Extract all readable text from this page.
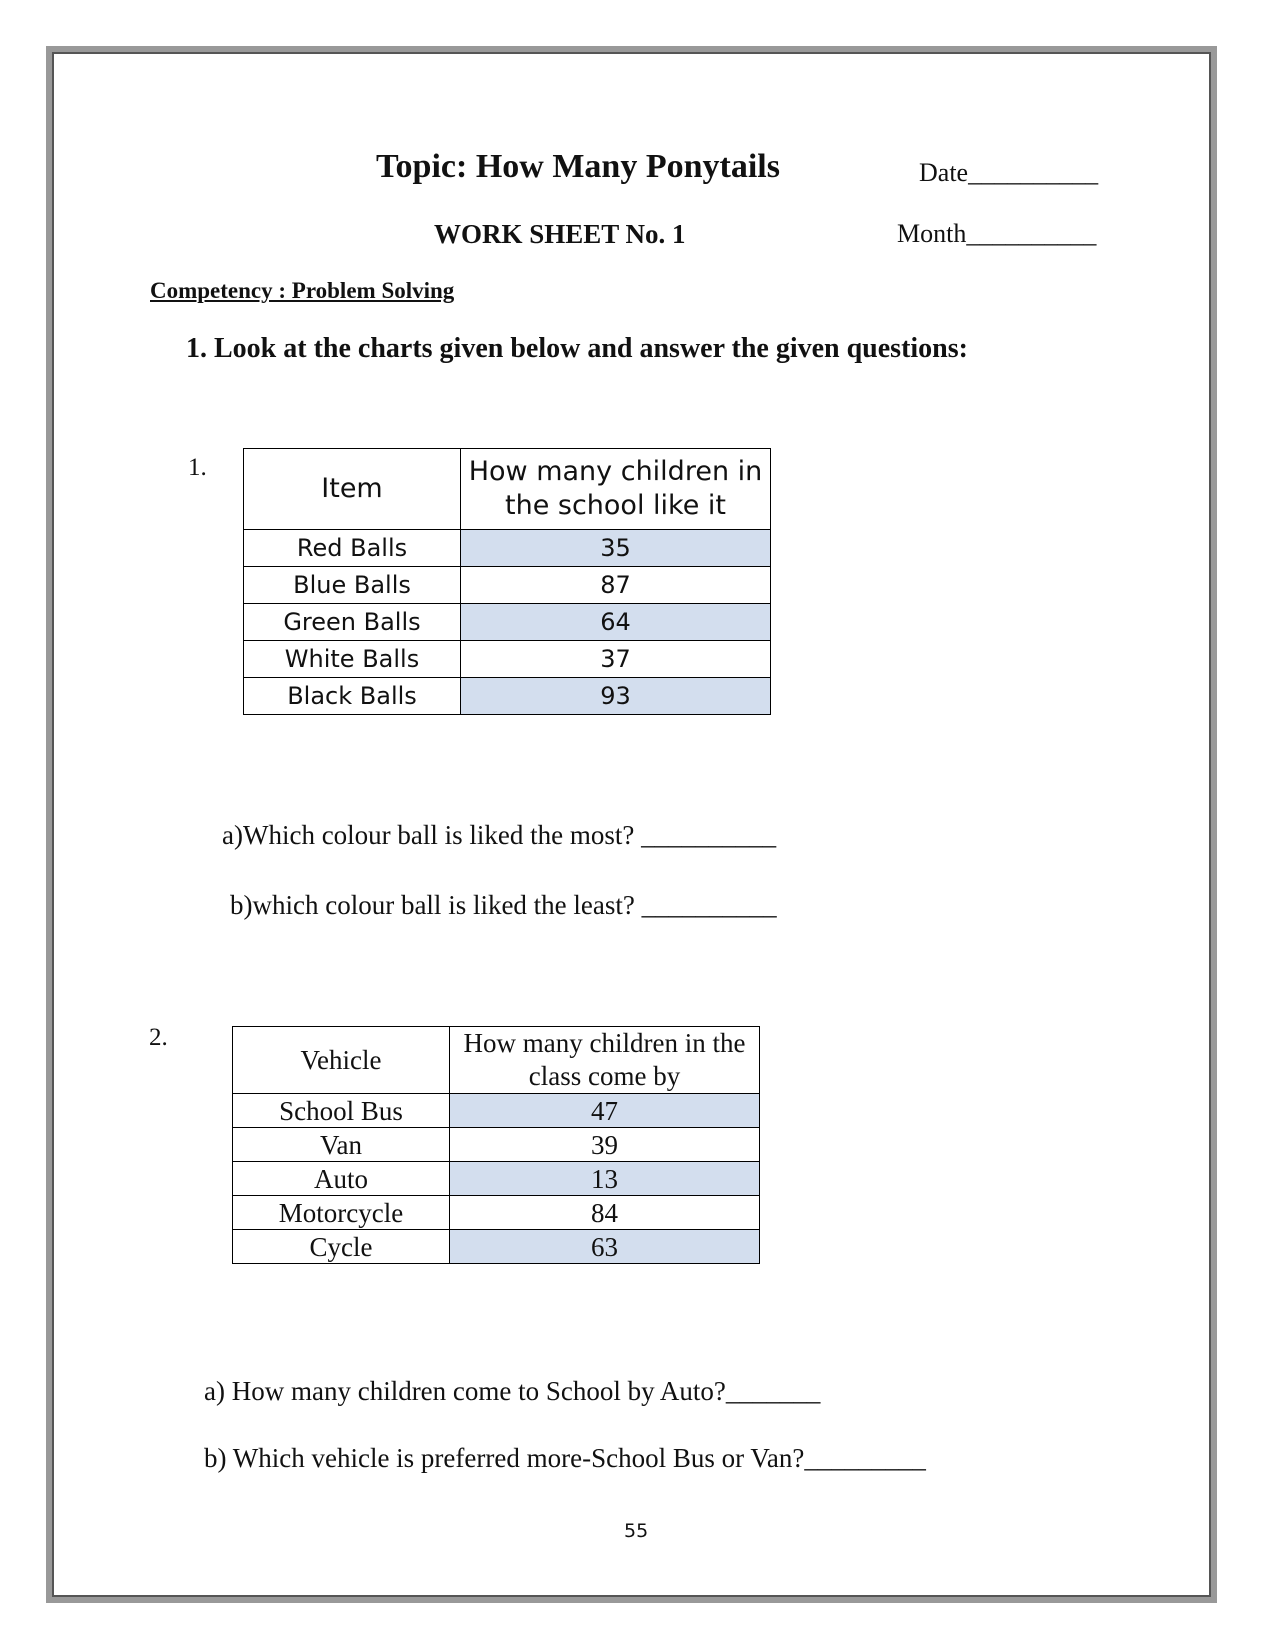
Topic: How Many Ponytails	Date__________
WORK SHEET No. 1	Month__________
Competency : Problem Solving
1. Look at the charts given below and answer the given questions:
1.
Item	How many children in the school like it
Red Balls	35
Blue Balls	87
Green Balls	64
White Balls	37
Black Balls	93
a)Which colour ball is liked the most? __________
b)which colour ball is liked the least? __________
2.
Vehicle	How many children in the class come by
School Bus	47
Van	39
Auto	13
Motorcycle	84
Cycle	63
a) How many children come to School by Auto?_______
b) Which vehicle is preferred more-School Bus or Van?_________
55
